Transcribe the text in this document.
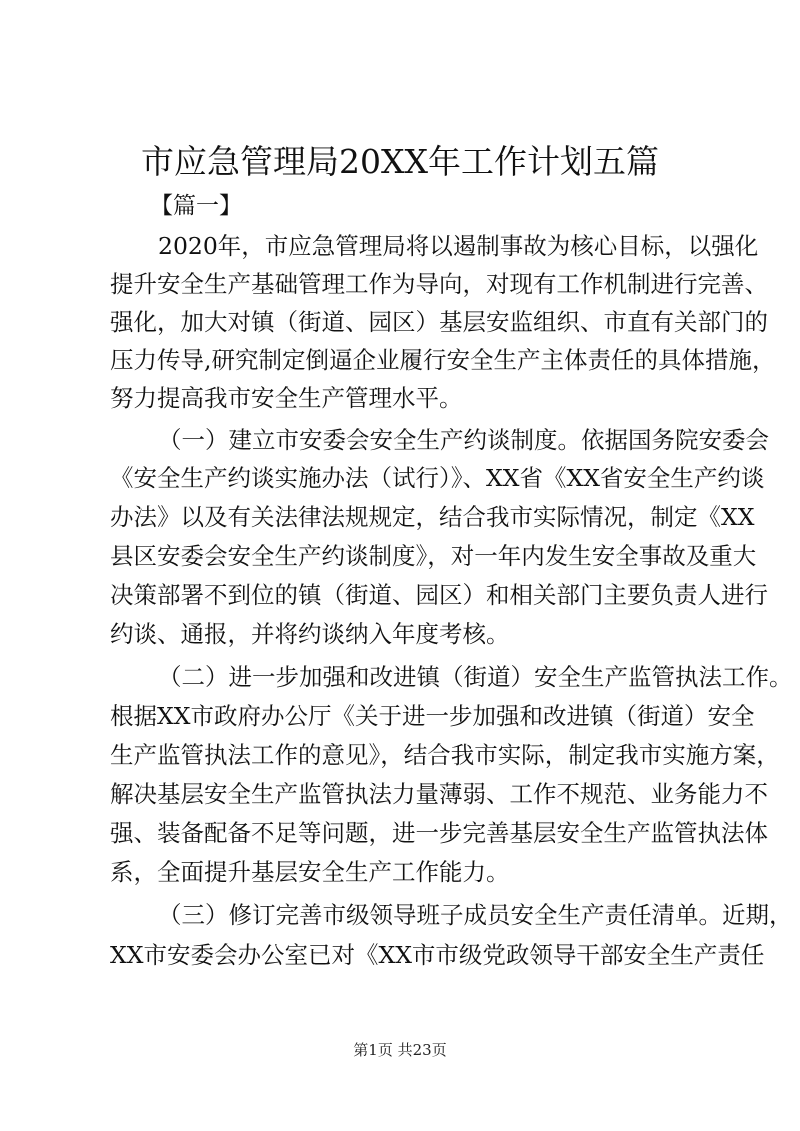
市应急管理局20XX年工作计划五篇
【篇一】
2020年，市应急管理局将以遏制事故为核心目标，以强化
提升安全生产基础管理工作为导向，对现有工作机制进行完善、
强化，加大对镇（街道、园区）基层安监组织、市直有关部门的
压力传导,研究制定倒逼企业履行安全生产主体责任的具体措施，
努力提高我市安全生产管理水平。
（一）建立市安委会安全生产约谈制度。依据国务院安委会
《安全生产约谈实施办法（试行）》、XX省《XX省安全生产约谈
办法》以及有关法律法规规定，结合我市实际情况，制定《XX
县区安委会安全生产约谈制度》，对一年内发生安全事故及重大
决策部署不到位的镇（街道、园区）和相关部门主要负责人进行
约谈、通报，并将约谈纳入年度考核。
（二）进一步加强和改进镇（街道）安全生产监管执法工作。
根据XX市政府办公厅《关于进一步加强和改进镇（街道）安全
生产监管执法工作的意见》，结合我市实际，制定我市实施方案，
解决基层安全生产监管执法力量薄弱、工作不规范、业务能力不
强、装备配备不足等问题，进一步完善基层安全生产监管执法体
系，全面提升基层安全生产工作能力。
（三）修订完善市级领导班子成员安全生产责任清单。近期，
XX市安委会办公室已对《XX市市级党政领导干部安全生产责任
第1页 共23页
